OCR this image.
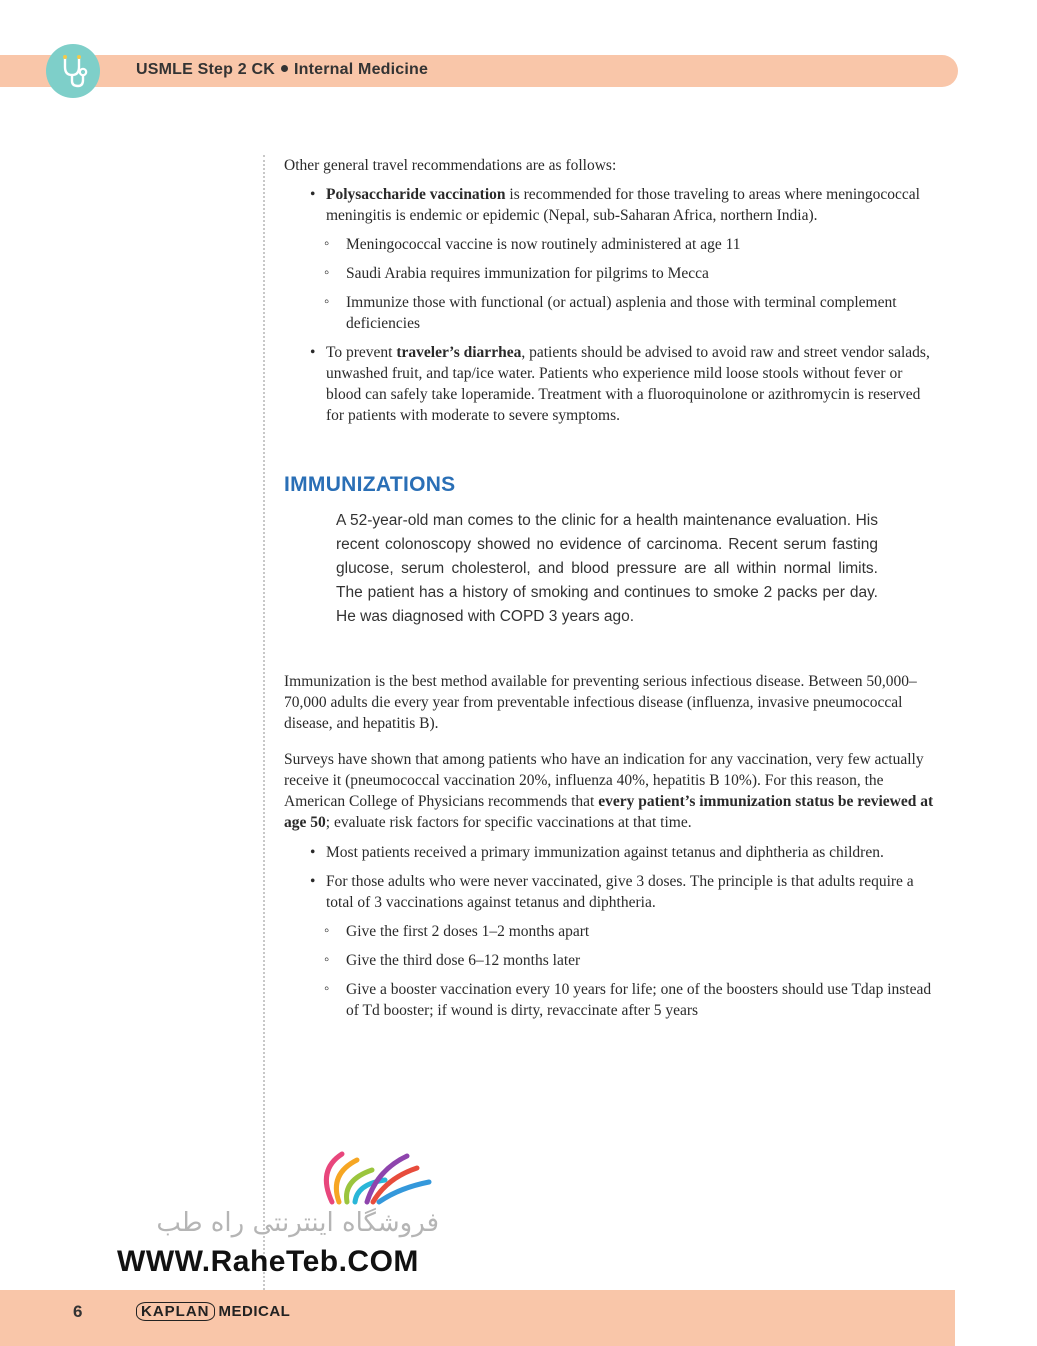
USMLE Step 2 CK Internal Medicine

Other general travel recommendations are as follows:

• Polysaccharide vaccination is recommended for those traveling to areas where meningococcal meningitis is endemic or epidemic (Nepal, sub-Saharan Africa, northern India).
◦ Meningococcal vaccine is now routinely administered at age 11
◦ Saudi Arabia requires immunization for pilgrims to Mecca
◦ Immunize those with functional (or actual) asplenia and those with terminal complement deficiencies
• To prevent traveler’s diarrhea, patients should be advised to avoid raw and street vendor salads, unwashed fruit, and tap/ice water. Patients who experience mild loose stools without fever or blood can safely take loperamide. Treatment with a fluoroquinolone or azithromycin is reserved for patients with moderate to severe symptoms.
IMMUNIZATIONS
A 52-year-old man comes to the clinic for a health maintenance evaluation. His recent colonoscopy showed no evidence of carcinoma. Recent serum fasting glucose, serum cholesterol, and blood pressure are all within normal limits. The patient has a history of smoking and continues to smoke 2 packs per day. He was diagnosed with COPD 3 years ago.

Immunization is the best method available for preventing serious infectious disease. Between 50,000–70,000 adults die every year from preventable infectious disease (influenza, invasive pneumococcal disease, and hepatitis B).

Surveys have shown that among patients who have an indication for any vaccination, very few actually receive it (pneumococcal vaccination 20%, influenza 40%, hepatitis B 10%). For this reason, the American College of Physicians recommends that every patient’s immunization status be reviewed at age 50; evaluate risk factors for specific vaccinations at that time.

• Most patients received a primary immunization against tetanus and diphtheria as children.
• For those adults who were never vaccinated, give 3 doses. The principle is that adults require a total of 3 vaccinations against tetanus and diphtheria.
◦ Give the first 2 doses 1–2 months apart
◦ Give the third dose 6–12 months later
◦ Give a booster vaccination every 10 years for life; one of the boosters should use Tdap instead of Td booster; if wound is dirty, revaccinate after 5 years
فروشگاه اینترنتی راه طب
WWW.RaheTeb.COM
6	KAPLAN MEDICAL
